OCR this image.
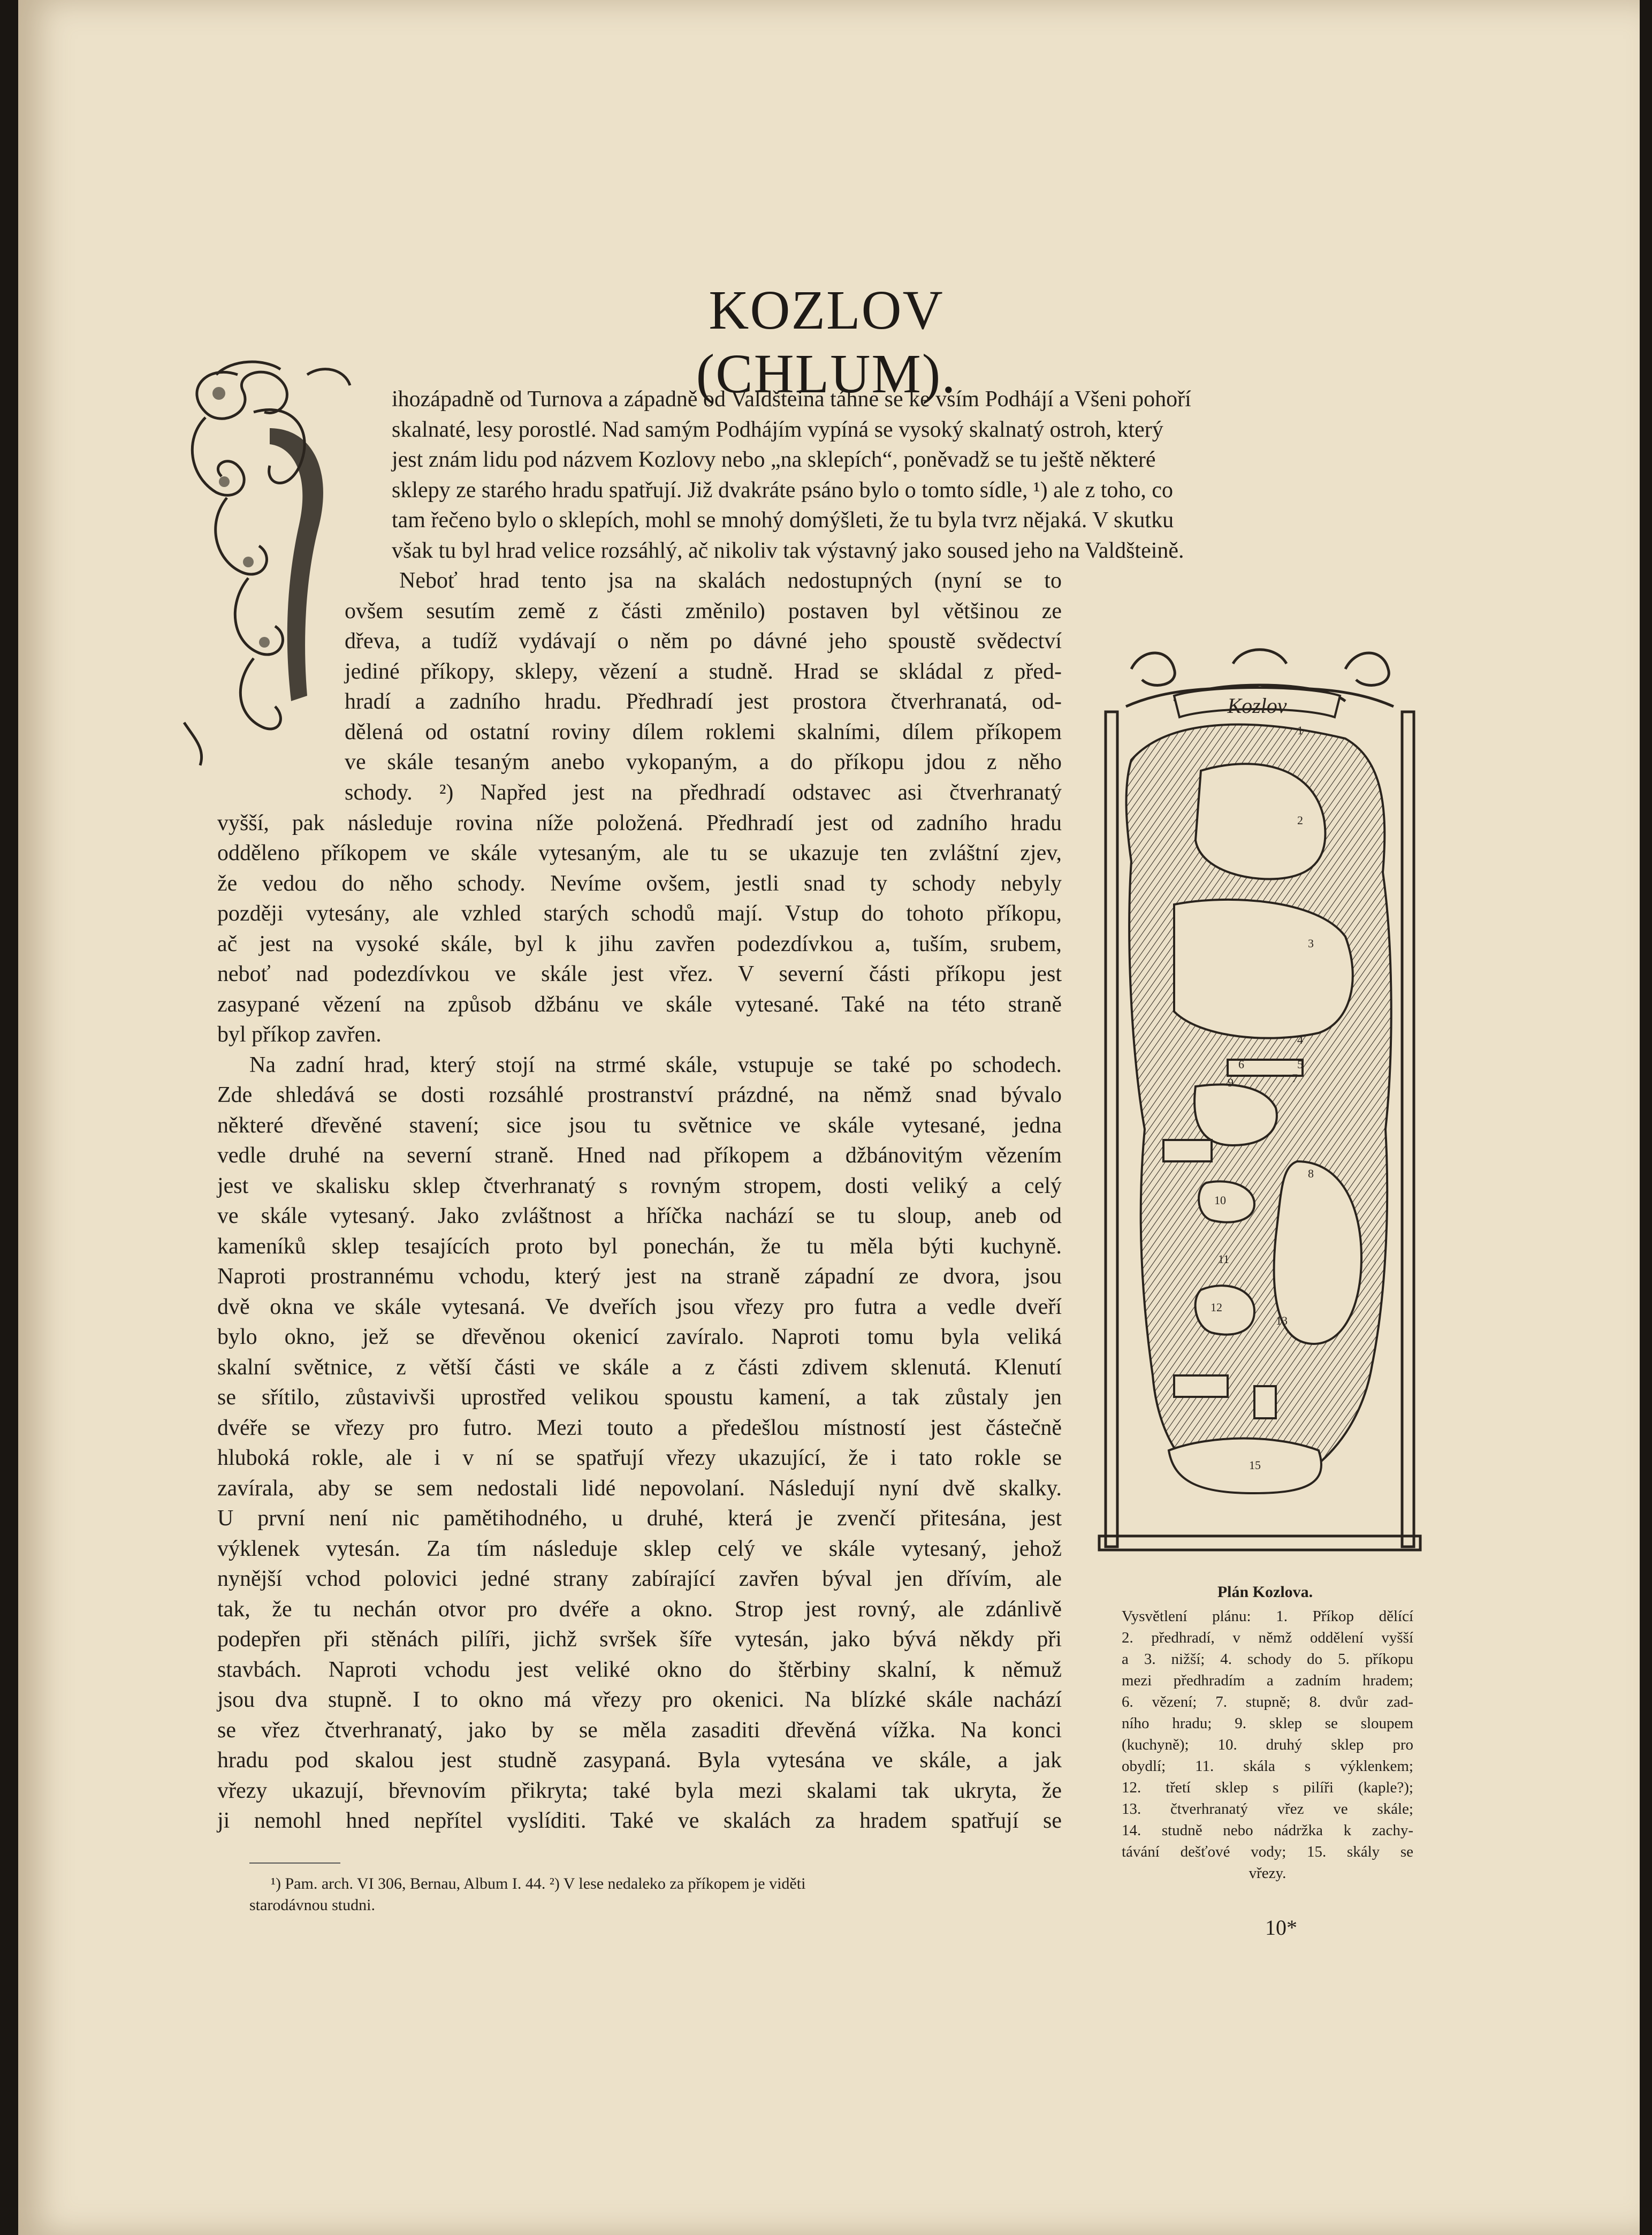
KOZLOV (CHLUM).
ihozápadně od Turnova a západně od Valdšteina táhne se ke vsím Podhájí a Všeni pohoří
skalnaté, lesy porostlé. Nad samým Podhájím vypíná se vysoký skalnatý ostroh, který
jest znám lidu pod názvem Kozlovy nebo „na sklepích“, poněvadž se tu ještě některé
sklepy ze starého hradu spatřují. Již dvakráte psáno bylo o tomto sídle, ¹) ale z toho, co
tam řečeno bylo o sklepích, mohl se mnohý domýšleti, že tu byla tvrz nějaká. V skutku
však tu byl hrad velice rozsáhlý, ač nikoliv tak výstavný jako soused jeho na Valdšteině.
Neboť hrad tento jsa na skalách nedostupných (nyní se to
ovšem sesutím země z části změnilo) postaven byl většinou ze
dřeva, a tudíž vydávají o něm po dávné jeho spoustě svědectví
jediné příkopy, sklepy, vězení a studně. Hrad se skládal z před-
hradí a zadního hradu. Předhradí jest prostora čtverhranatá, od-
dělená od ostatní roviny dílem roklemi skalními, dílem příkopem
ve skále tesaným anebo vykopaným, a do příkopu jdou z něho
schody. ²) Napřed jest na předhradí odstavec asi čtverhranatý
vyšší, pak následuje rovina níže položená. Předhradí jest od zadního hradu
odděleno příkopem ve skále vytesaným, ale tu se ukazuje ten zvláštní zjev,
že vedou do něho schody. Nevíme ovšem, jestli snad ty schody nebyly
později vytesány, ale vzhled starých schodů mají. Vstup do tohoto příkopu,
ač jest na vysoké skále, byl k jihu zavřen podezdívkou a, tuším, srubem,
neboť nad podezdívkou ve skále jest vřez. V severní části příkopu jest
zasypané vězení na způsob džbánu ve skále vytesané. Také na této straně
byl příkop zavřen.
Na zadní hrad, který stojí na strmé skále, vstupuje se také po schodech.
Zde shledává se dosti rozsáhlé prostranství prázdné, na němž snad bývalo
některé dřevěné stavení; sice jsou tu světnice ve skále vytesané, jedna
vedle druhé na severní straně. Hned nad příkopem a džbánovitým vězením
jest ve skalisku sklep čtverhranatý s rovným stropem, dosti veliký a celý
ve skále vytesaný. Jako zvláštnost a hříčka nachází se tu sloup, aneb od
kameníků sklep tesajících proto byl ponechán, že tu měla býti kuchyně.
Naproti prostrannému vchodu, který jest na straně západní ze dvora, jsou
dvě okna ve skále vytesaná. Ve dveřích jsou vřezy pro futra a vedle dveří
bylo okno, jež se dřevěnou okenicí zavíralo. Naproti tomu byla veliká
skalní světnice, z větší části ve skále a z části zdivem sklenutá. Klenutí
se sřítilo, zůstavivši uprostřed velikou spoustu kamení, a tak zůstaly jen
dvéře se vřezy pro futro. Mezi touto a předešlou místností jest částečně
hluboká rokle, ale i v ní se spatřují vřezy ukazující, že i tato rokle se
zavírala, aby se sem nedostali lidé nepovolaní. Následují nyní dvě skalky.
U první není nic pamětihodného, u druhé, která je zvenčí přitesána, jest
výklenek vytesán. Za tím následuje sklep celý ve skále vytesaný, jehož
nynější vchod polovici jedné strany zabírající zavřen býval jen dřívím, ale
tak, že tu nechán otvor pro dvéře a okno. Strop jest rovný, ale zdánlivě
podepřen při stěnách pilíři, jichž svršek šíře vytesán, jako bývá někdy při
stavbách. Naproti vchodu jest veliké okno do štěrbiny skalní, k němuž
jsou dva stupně. I to okno má vřezy pro okenici. Na blízké skále nachází
se vřez čtverhranatý, jako by se měla zasaditi dřevěná vížka. Na konci
hradu pod skalou jest studně zasypaná. Byla vytesána ve skále, a jak
vřezy ukazují, břevnovím přikryta; také byla mezi skalami tak ukryta, že
ji nemohl hned nepřítel vyslíditi. Také ve skalách za hradem spatřují se
Kozlov
1
2
3
4
5
6
7
8
9
10
11
12
13
15
Plán Kozlova.
Vysvětlení plánu: 1. Příkop dělící
2. předhradí, v němž oddělení vyšší
a 3. nižší; 4. schody do 5. příkopu
mezi předhradím a zadním hradem;
6. vězení; 7. stupně; 8. dvůr zad-
ního hradu; 9. sklep se sloupem
(kuchyně); 10. druhý sklep pro
obydlí; 11. skála s výklenkem;
12. třetí sklep s pilíři (kaple?);
13. čtverhranatý vřez ve skále;
14. studně nebo nádržka k zachy-
távání dešťové vody; 15. skály se
vřezy.
¹) Pam. arch. VI 306, Bernau, Album I. 44. ²) V lese nedaleko za příkopem je viděti
starodávnou studni.
10*
